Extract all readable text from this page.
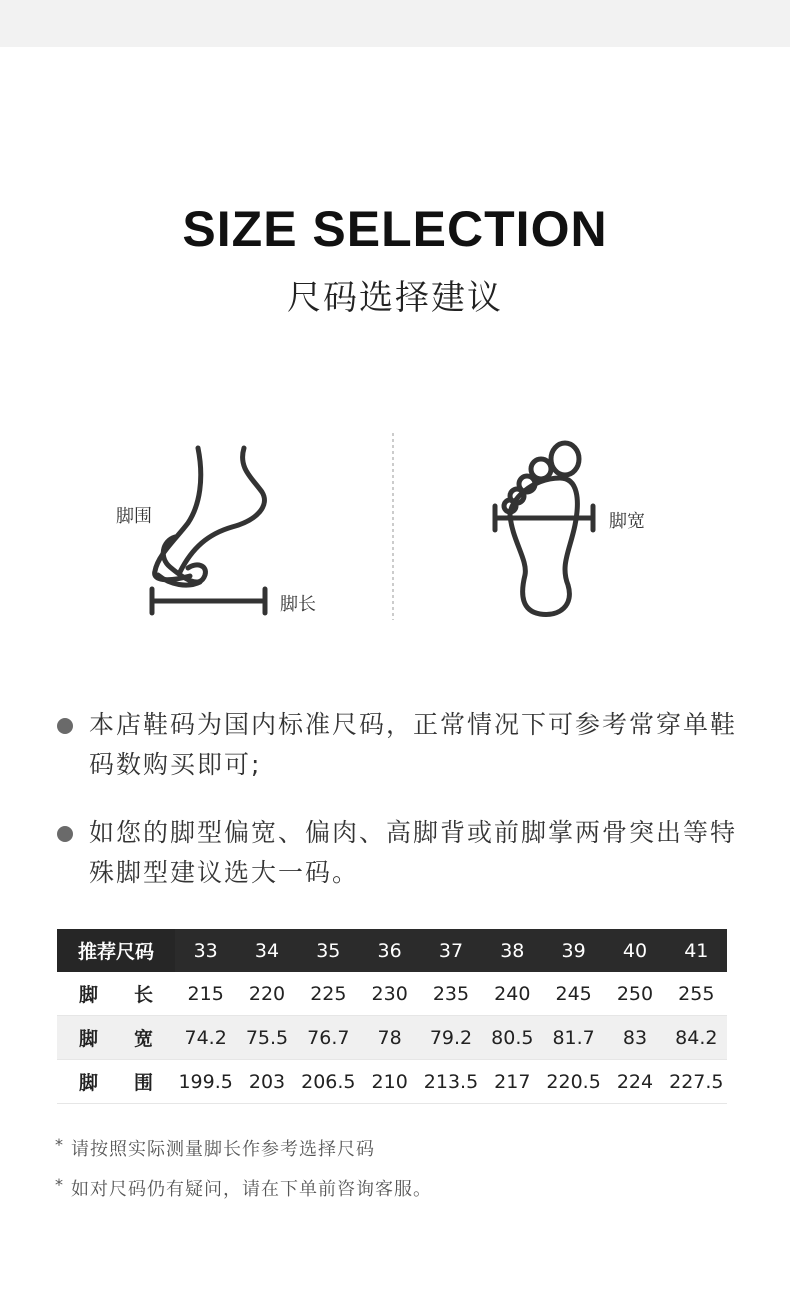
SIZE SELECTION
尺码选择建议
脚围
脚长
脚宽
本店鞋码为国内标准尺码，正常情况下可参考常穿单鞋码数购买即可;
如您的脚型偏宽、偏肉、高脚背或前脚掌两骨突出等特殊脚型建议选大一码。
推荐尺码	33	34	35	36	37	38	39	40	41

脚 长	215	220	225	230	235	240	245	250	255

脚 宽	74.2	75.5	76.7	78	79.2	80.5	81.7	83	84.2

脚 围	199.5	203	206.5	210	213.5	217	220.5	224	227.5
* 请按照实际测量脚长作参考选择尺码
* 如对尺码仍有疑问，请在下单前咨询客服。
